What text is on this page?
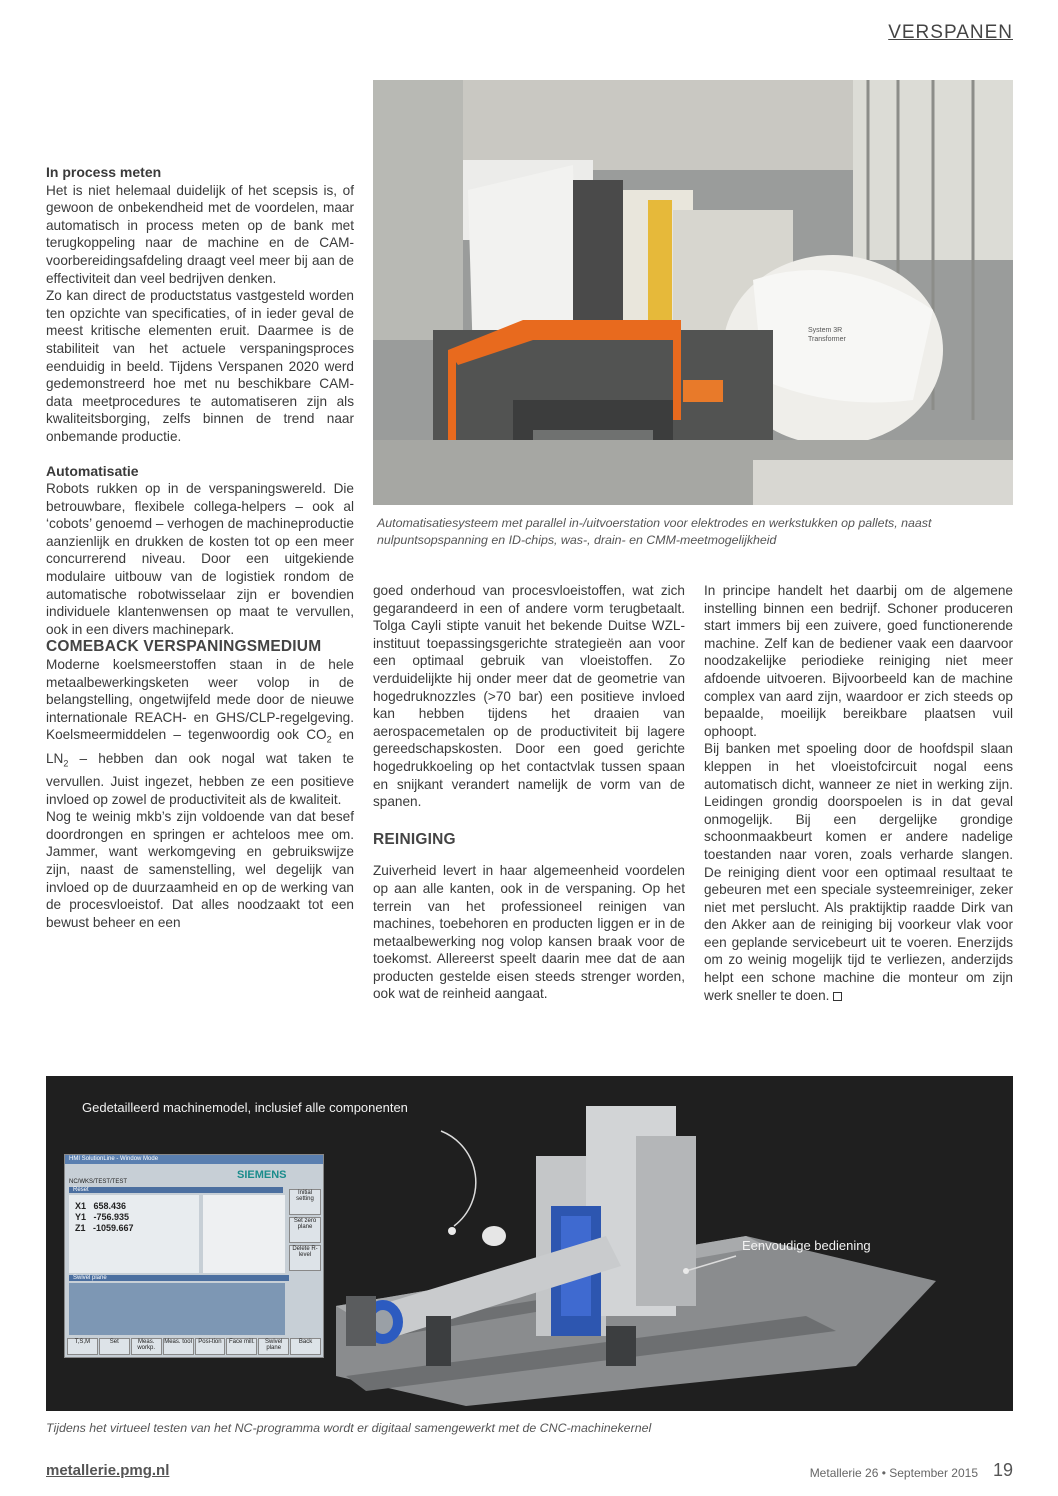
VERSPANEN
System 3R
Transformer
Automatisatiesysteem met parallel in-/uitvoerstation voor elektrodes en werkstukken op pallets, naast nulpuntsopspanning en ID-chips, was-, drain- en CMM-meetmogelijkheid

In process meten

Het is niet helemaal duidelijk of het scepsis is, of gewoon de onbekendheid met de voordelen, maar automatisch in process meten op de bank met terugkoppeling naar de machine en de CAM-voorbereidingsafdeling draagt veel meer bij aan de effectiviteit dan veel bedrijven denken.

Zo kan direct de productstatus vastgesteld worden ten opzichte van specificaties, of in ieder geval de meest kritische elementen eruit. Daarmee is de stabiliteit van het actuele verspaningsproces eenduidig in beeld. Tijdens Verspanen 2020 werd gedemonstreerd hoe met nu beschikbare CAM-data meetprocedures te automatiseren zijn als kwaliteitsborging, zelfs binnen de trend naar onbemande productie.

Automatisatie

Robots rukken op in de verspaningswereld. Die betrouwbare, flexibele collega-helpers – ook al ‘cobots’ genoemd – verhogen de machineproductie aanzienlijk en drukken de kosten tot op een meer concurrerend niveau. Door een uitgekiende modulaire uitbouw van de logistiek rondom de automatische robotwisselaar zijn er bovendien individuele klantenwensen op maat te vervullen, ook in een divers machinepark.

COMEBACK VERSPANINGSMEDIUM

Moderne koelsmeerstoffen staan in de hele metaalbewerkingsketen weer volop in de belangstelling, ongetwijfeld mede door de nieuwe internationale REACH- en GHS/CLP-regelgeving. Koelsmeermiddelen – tegenwoordig ook $CO_2$ en $LN_2$ – hebben dan ook nogal wat taken te vervullen. Juist ingezet, hebben ze een positieve invloed op zowel de productiviteit als de kwaliteit.

Nog te weinig mkb’s zijn voldoende van dat besef doordrongen en springen er achteloos mee om. Jammer, want werkomgeving en gebruikswijze zijn, naast de samenstelling, wel degelijk van invloed op de duurzaamheid en op de werking van de procesvloeistof. Dat alles noodzaakt tot een bewust beheer en een

goed onderhoud van procesvloeistoffen, wat zich gegarandeerd in een of andere vorm terugbetaalt. Tolga Cayli stipte vanuit het bekende Duitse WZL-instituut toepassingsgerichte strategieën aan voor een optimaal gebruik van vloeistoffen. Zo verduidelijkte hij onder meer dat de geometrie van hogedruknozzles (>70 bar) een positieve invloed kan hebben tijdens het draaien van aerospacemetalen op de productiviteit bij lagere gereedschapskosten. Door een goed gerichte hogedrukkoeling op het contactvlak tussen spaan en snijkant verandert namelijk de vorm van de spanen.

REINIGING

Zuiverheid levert in haar algemeenheid voordelen op aan alle kanten, ook in de verspaning. Op het terrein van het professioneel reinigen van machines, toebehoren en producten liggen er in de metaalbewerking nog volop kansen braak voor de toekomst. Allereerst speelt daarin mee dat de aan producten gestelde eisen steeds strenger worden, ook wat de reinheid aangaat.

In principe handelt het daarbij om de algemene instelling binnen een bedrijf. Schoner produceren start immers bij een zuivere, goed functionerende machine. Zelf kan de bediener vaak een daarvoor noodzakelijke periodieke reiniging niet meer afdoende uitvoeren. Bijvoorbeeld kan de machine complex van aard zijn, waardoor er zich steeds op bepaalde, moeilijk bereikbare plaatsen vuil ophoopt.

Bij banken met spoeling door de hoofdspil slaan kleppen in het vloeistofcircuit nogal eens automatisch dicht, wanneer ze niet in werking zijn. Leidingen grondig doorspoelen is in dat geval onmogelijk. Bij een dergelijke grondige schoonmaakbeurt komen er andere nadelige toestanden naar voren, zoals verharde slangen. De reiniging dient voor een optimaal resultaat te gebeuren met een speciale systeemreiniger, zeker niet met perslucht. Als praktijktip raadde Dirk van den Akker aan de reiniging bij voorkeur vlak voor een geplande servicebeurt uit te voeren. Enerzijds om zo weinig mogelijk tijd te verliezen, anderzijds helpt een schone machine die monteur om zijn werk sneller te doen.

Gedetailleerd machinemodel, inclusief alle componenten
Eenvoudige bediening
HMI SolutionLine - Window Mode
SIEMENS
NC/WKS/TEST/TEST
Reset
X1 658.436
Y1 -756.935
Z1 -1059.667
Swivel plane
Initial setting
Set zero plane
Delete R-level
T,S,M	Set	Meas. workp.
Meas. tool	Posi-tion	Face mill.	Swivel plane
Back
Tijdens het virtueel testen van het NC-programma wordt er digitaal samengewerkt met de CNC-machinekernel
metallerie.pmg.nl	Metallerie 26 • September 2015 19
